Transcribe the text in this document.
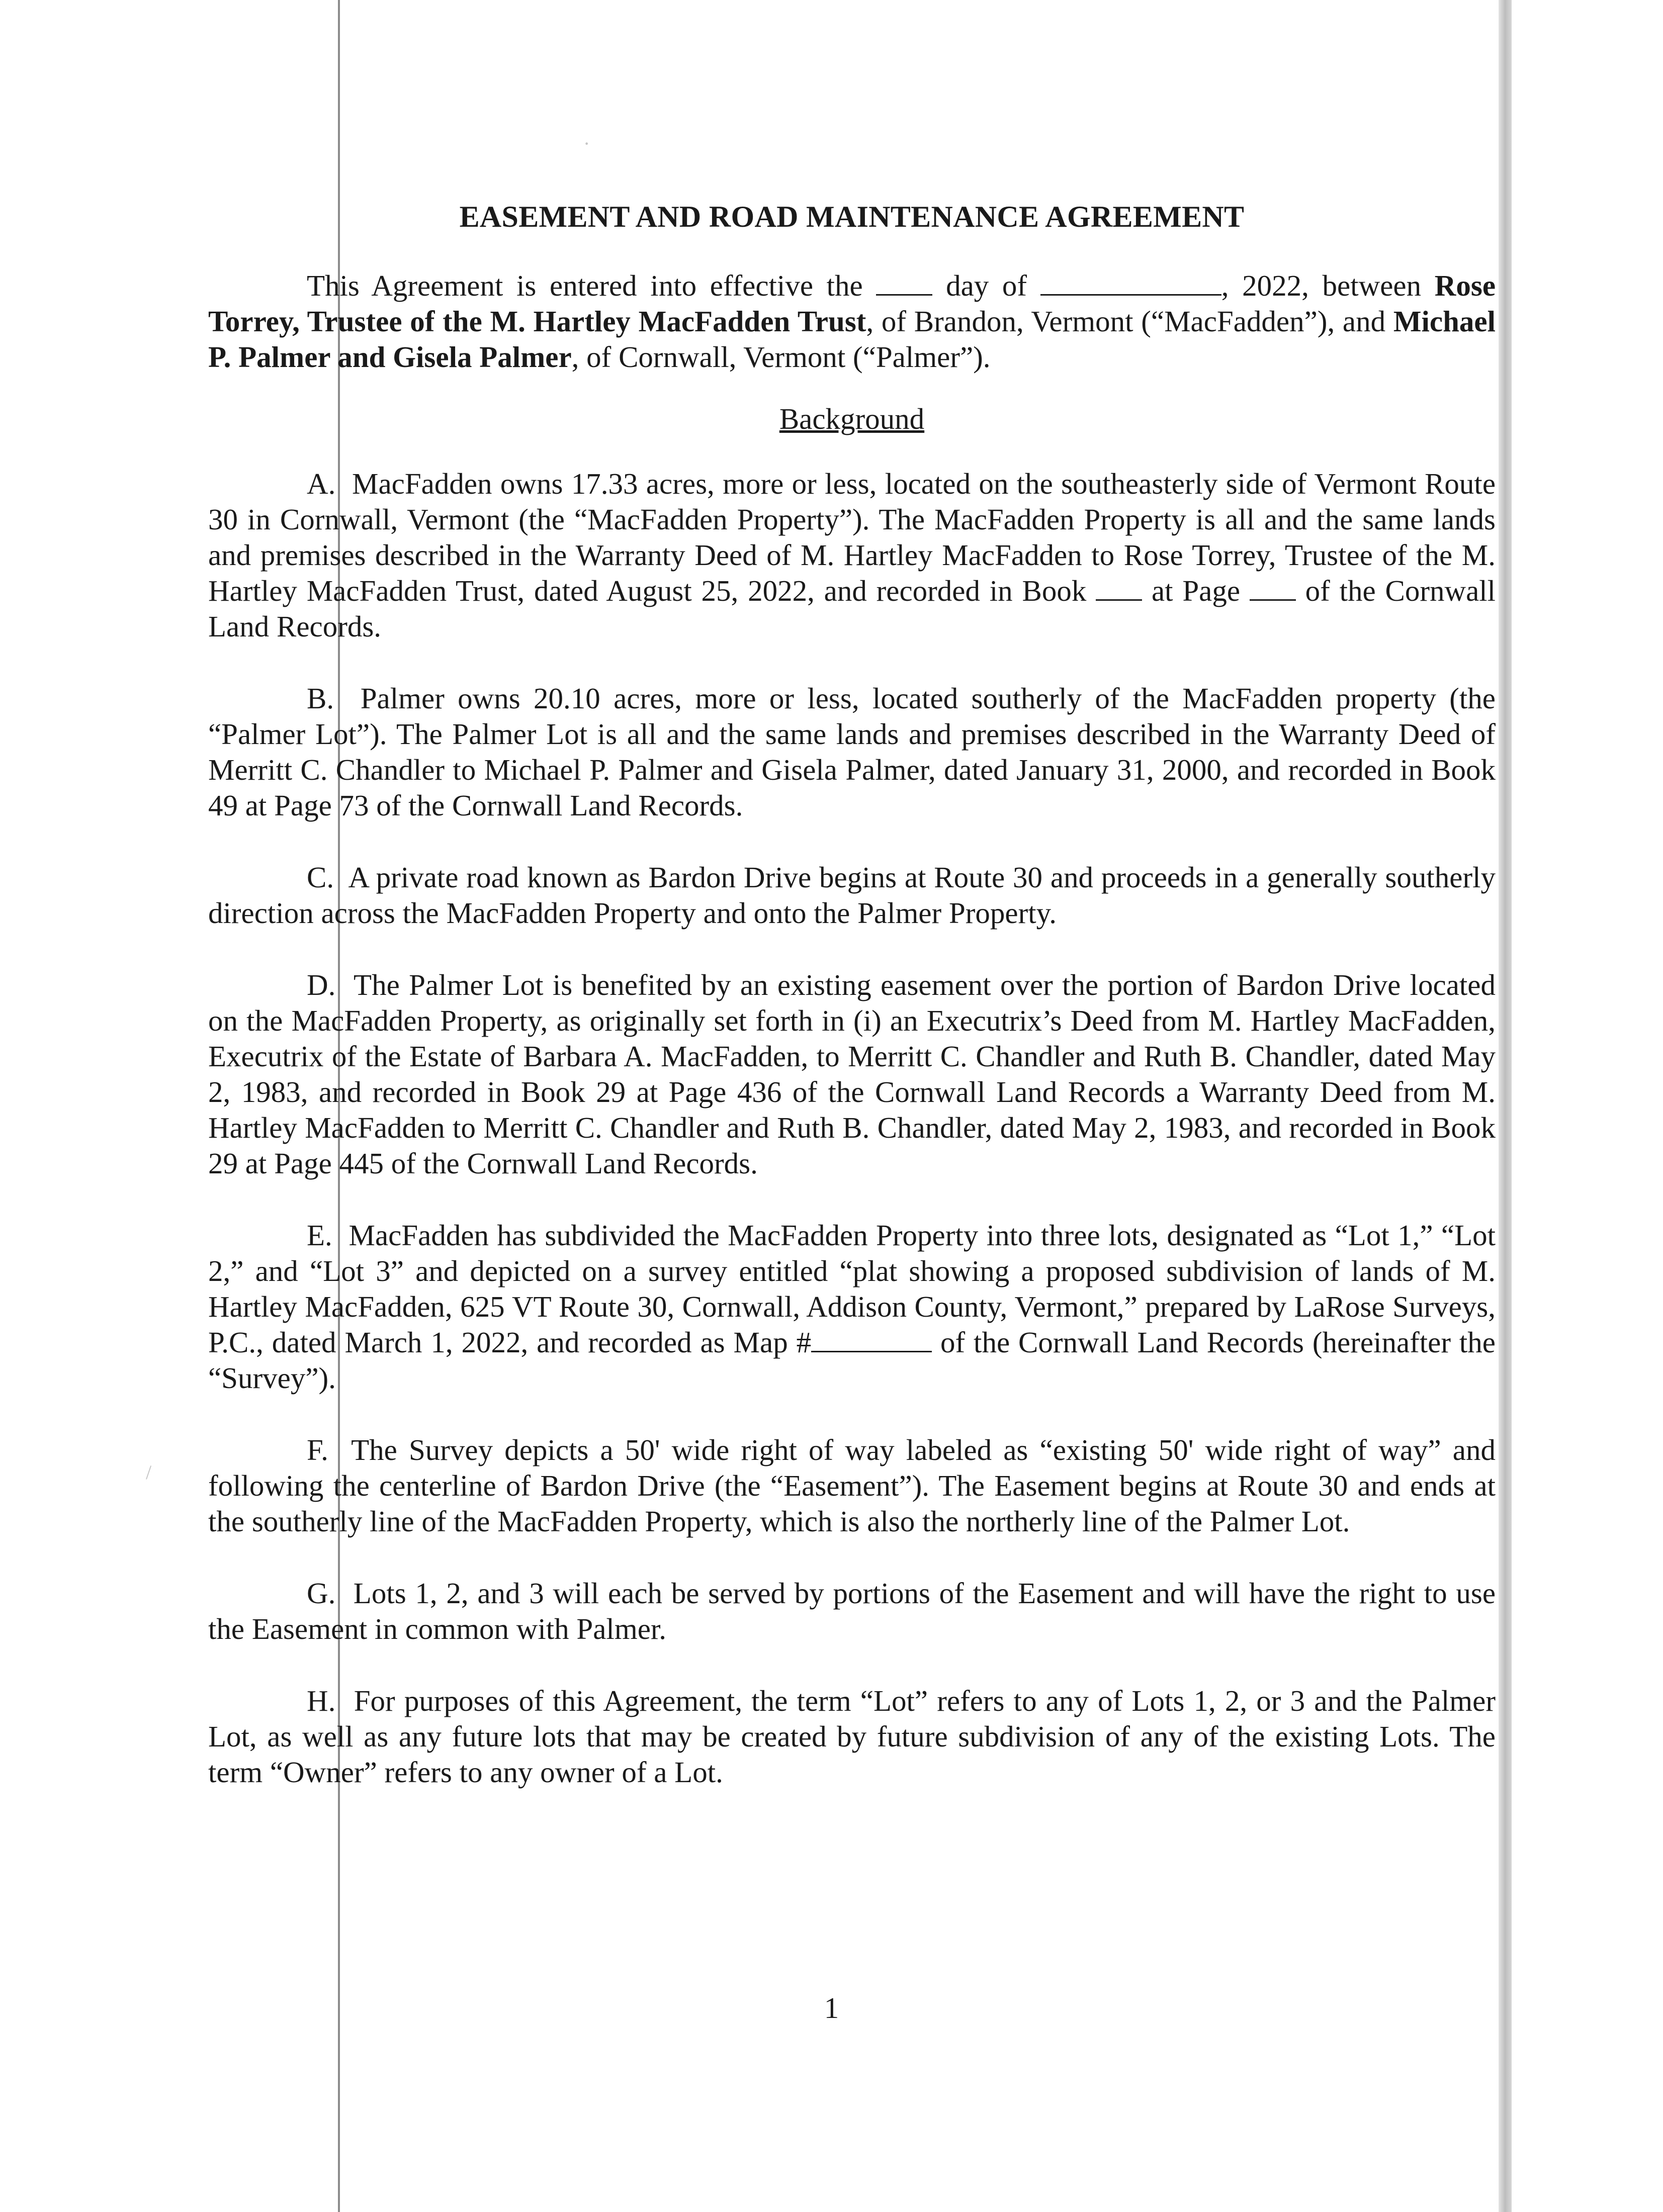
·
/
EASEMENT AND ROAD MAINTENANCE AGREEMENT

This Agreement is entered into effective the	day of	, 2022, between Rose Torrey, Trustee of the M. Hartley MacFadden Trust, of Brandon, Vermont (“MacFadden”), and Michael P. Palmer and Gisela Palmer, of Cornwall, Vermont (“Palmer”).

Background

A. MacFadden owns 17.33 acres, more or less, located on the southeasterly side of Vermont Route 30 in Cornwall, Vermont (the “MacFadden Property”). The MacFadden Property is all and the same lands and premises described in the Warranty Deed of M. Hartley MacFadden to Rose Torrey, Trustee of the M. Hartley MacFadden Trust, dated August 25, 2022, and recorded in Book at Page of the Cornwall Land Records.

B. Palmer owns 20.10 acres, more or less, located southerly of the MacFadden property (the “Palmer Lot”). The Palmer Lot is all and the same lands and premises described in the Warranty Deed of Merritt C. Chandler to Michael P. Palmer and Gisela Palmer, dated January 31, 2000, and recorded in Book 49 at Page 73 of the Cornwall Land Records.

C. A private road known as Bardon Drive begins at Route 30 and proceeds in a generally southerly direction across the MacFadden Property and onto the Palmer Property.

D. The Palmer Lot is benefited by an existing easement over the portion of Bardon Drive located on the MacFadden Property, as originally set forth in (i) an Executrix’s Deed from M. Hartley MacFadden, Executrix of the Estate of Barbara A. MacFadden, to Merritt C. Chandler and Ruth B. Chandler, dated May 2, 1983, and recorded in Book 29 at Page 436 of the Cornwall Land Records a Warranty Deed from M. Hartley MacFadden to Merritt C. Chandler and Ruth B. Chandler, dated May 2, 1983, and recorded in Book 29 at Page 445 of the Cornwall Land Records.

E. MacFadden has subdivided the MacFadden Property into three lots, designated as “Lot 1,” “Lot 2,” and “Lot 3” and depicted on a survey entitled “plat showing a proposed subdivision of lands of M. Hartley MacFadden, 625 VT Route 30, Cornwall, Addison County, Vermont,” prepared by LaRose Surveys, P.C., dated March 1, 2022, and recorded as Map #	of the Cornwall Land Records (hereinafter the “Survey”).

F. The Survey depicts a 50' wide right of way labeled as “existing 50' wide right of way” and following the centerline of Bardon Drive (the “Easement”). The Easement begins at Route 30 and ends at the southerly line of the MacFadden Property, which is also the northerly line of the Palmer Lot.

G. Lots 1, 2, and 3 will each be served by portions of the Easement and will have the right to use the Easement in common with Palmer.

H. For purposes of this Agreement, the term “Lot” refers to any of Lots 1, 2, or 3 and the Palmer Lot, as well as any future lots that may be created by future subdivision of any of the existing Lots. The term “Owner” refers to any owner of a Lot.

1
